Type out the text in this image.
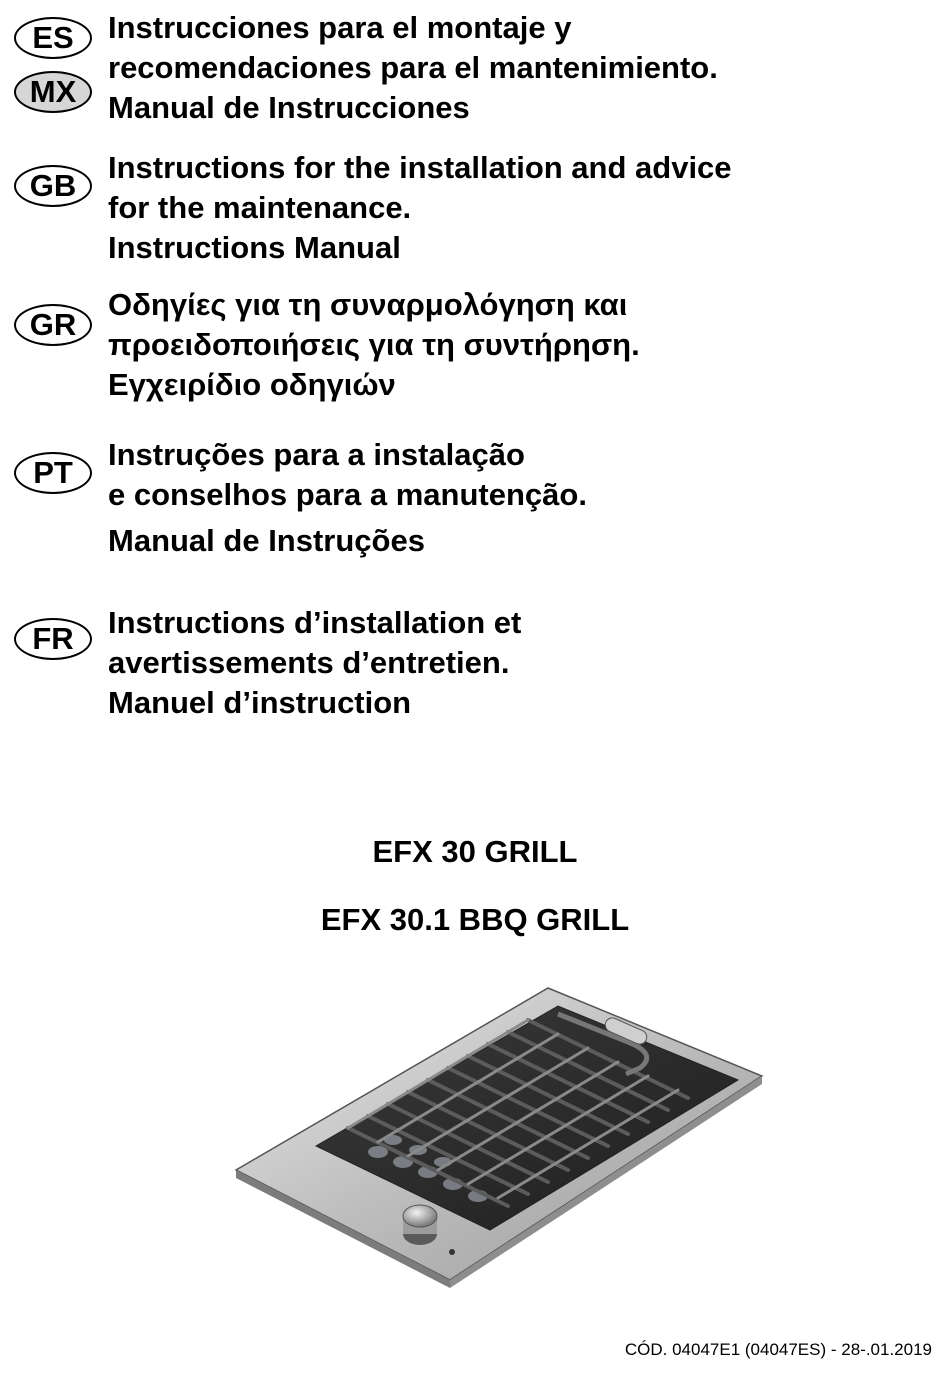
ES
MX
GB
GR
PT
FR
Instrucciones para el montaje y
recomendaciones para el mantenimiento.
Manual de Instrucciones
Instructions for the installation and advice
for the maintenance.
Instructions Manual
Οδηγίες για τη συναρμολόγηση και
προειδοποιήσεις για τη συντήρηση.
Εγχειρίδιο οδηγιών
Instruções para a instalação
e conselhos para a manutenção.
Manual de Instruções
Instructions d’installation et
avertissements d’entretien.
Manuel d’instruction
EFX 30 GRILL
EFX 30.1 BBQ GRILL
CÓD. 04047E1 (04047ES) - 28-.01.2019
